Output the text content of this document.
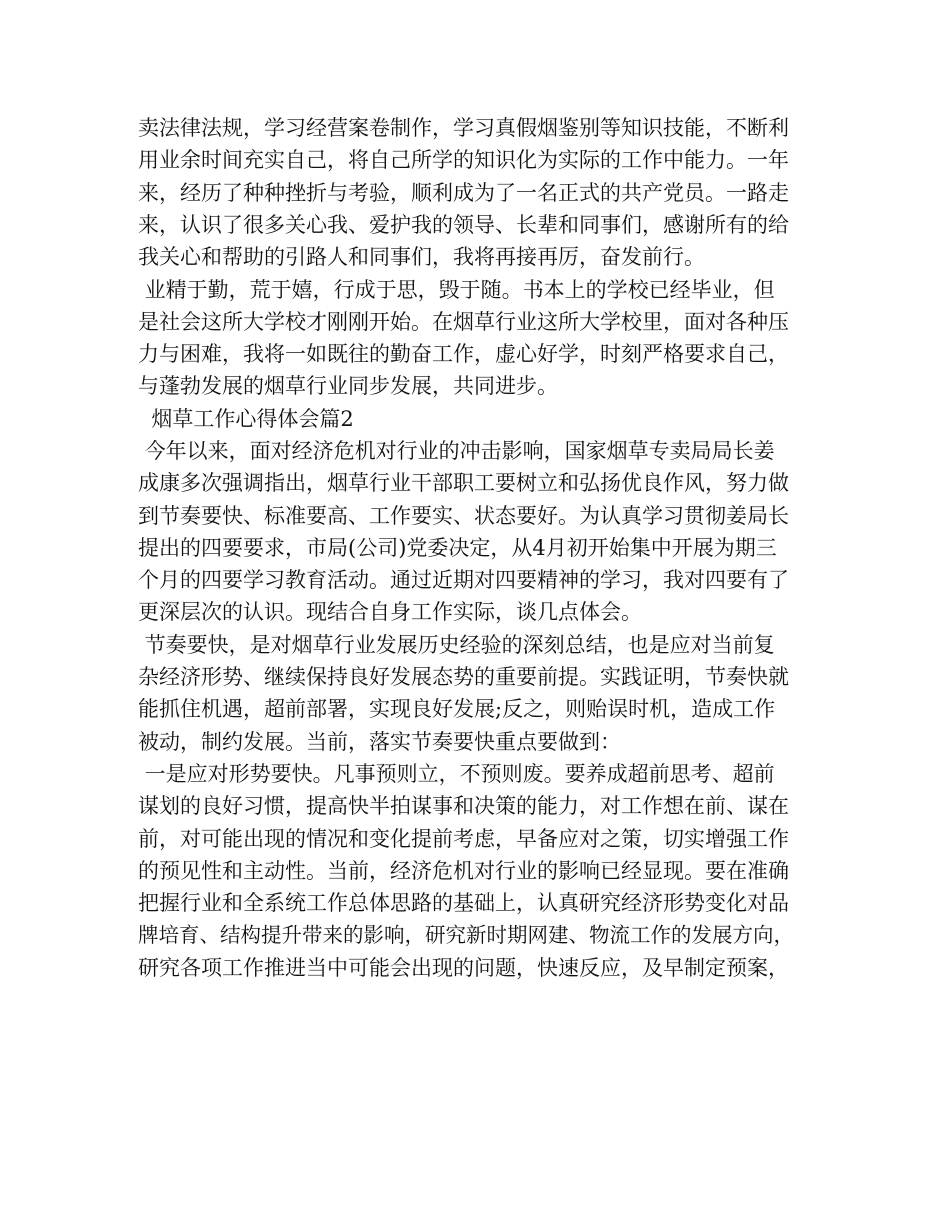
卖法律法规，学习经营案卷制作，学习真假烟鉴别等知识技能，不断利
用业余时间充实自己，将自己所学的知识化为实际的工作中能力。一年
来，经历了种种挫折与考验，顺利成为了一名正式的共产党员。一路走
来，认识了很多关心我、爱护我的领导、长辈和同事们，感谢所有的给
我关心和帮助的引路人和同事们，我将再接再厉，奋发前行。
业精于勤，荒于嬉，行成于思，毁于随。书本上的学校已经毕业，但
是社会这所大学校才刚刚开始。在烟草行业这所大学校里，面对各种压
力与困难，我将一如既往的勤奋工作，虚心好学，时刻严格要求自己，
与蓬勃发展的烟草行业同步发展，共同进步。
烟草工作心得体会篇2
今年以来，面对经济危机对行业的冲击影响，国家烟草专卖局局长姜
成康多次强调指出，烟草行业干部职工要树立和弘扬优良作风，努力做
到节奏要快、标准要高、工作要实、状态要好。为认真学习贯彻姜局长
提出的四要要求，市局(公司)党委决定，从4月初开始集中开展为期三
个月的四要学习教育活动。通过近期对四要精神的学习，我对四要有了
更深层次的认识。现结合自身工作实际，谈几点体会。
节奏要快，是对烟草行业发展历史经验的深刻总结，也是应对当前复
杂经济形势、继续保持良好发展态势的重要前提。实践证明，节奏快就
能抓住机遇，超前部署，实现良好发展;反之，则贻误时机，造成工作
被动，制约发展。当前，落实节奏要快重点要做到：
一是应对形势要快。凡事预则立，不预则废。要养成超前思考、超前
谋划的良好习惯，提高快半拍谋事和决策的能力，对工作想在前、谋在
前，对可能出现的情况和变化提前考虑，早备应对之策，切实增强工作
的预见性和主动性。当前，经济危机对行业的影响已经显现。要在准确
把握行业和全系统工作总体思路的基础上，认真研究经济形势变化对品
牌培育、结构提升带来的影响，研究新时期网建、物流工作的发展方向，
研究各项工作推进当中可能会出现的问题，快速反应，及早制定预案，
